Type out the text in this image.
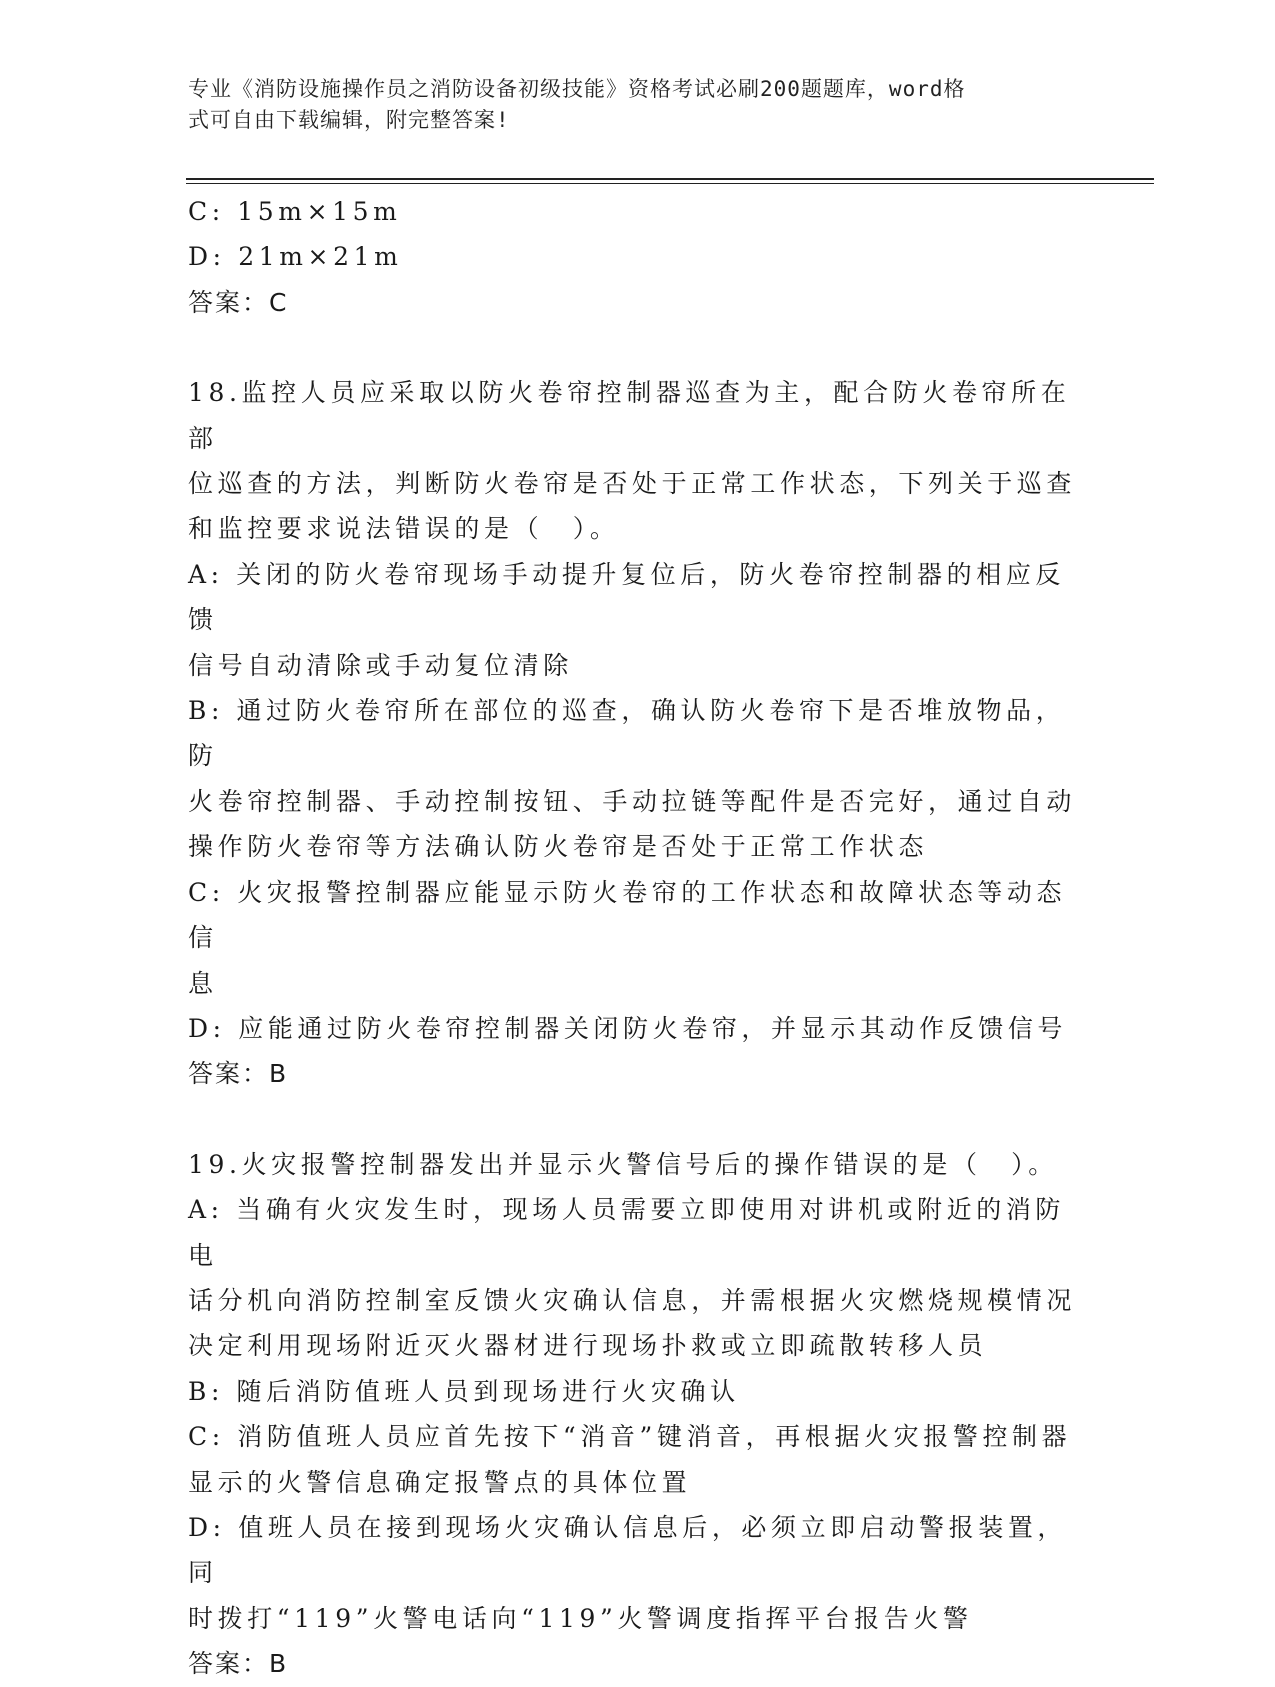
专业《消防设施操作员之消防设备初级技能》资格考试必刷200题题库，word格
式可自由下载编辑，附完整答案!

C: 15m×15m

D: 21m×21m

答案：C

18.监控人员应采取以防火卷帘控制器巡查为主，配合防火卷帘所在部

位巡查的方法，判断防火卷帘是否处于正常工作状态，下列关于巡查

和监控要求说法错误的是（　）。

A: 关闭的防火卷帘现场手动提升复位后，防火卷帘控制器的相应反馈

信号自动清除或手动复位清除

B: 通过防火卷帘所在部位的巡查，确认防火卷帘下是否堆放物品，防

火卷帘控制器、手动控制按钮、手动拉链等配件是否完好，通过自动

操作防火卷帘等方法确认防火卷帘是否处于正常工作状态

C: 火灾报警控制器应能显示防火卷帘的工作状态和故障状态等动态信

息

D: 应能通过防火卷帘控制器关闭防火卷帘，并显示其动作反馈信号

答案：B

19.火灾报警控制器发出并显示火警信号后的操作错误的是（　）。

A: 当确有火灾发生时，现场人员需要立即使用对讲机或附近的消防电

话分机向消防控制室反馈火灾确认信息，并需根据火灾燃烧规模情况

决定利用现场附近灭火器材进行现场扑救或立即疏散转移人员

B: 随后消防值班人员到现场进行火灾确认

C: 消防值班人员应首先按下“消音”键消音，再根据火灾报警控制器

显示的火警信息确定报警点的具体位置

D: 值班人员在接到现场火灾确认信息后，必须立即启动警报装置，同

时拨打“119”火警电话向“119”火警调度指挥平台报告火警

答案：B
